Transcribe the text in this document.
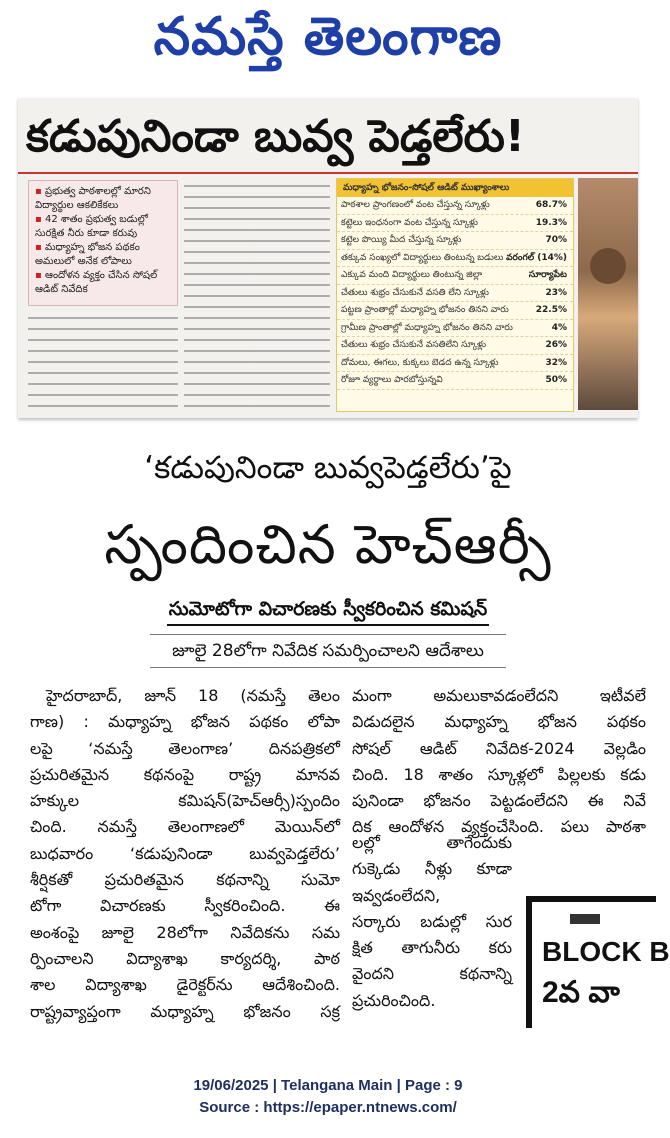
నమస్తే తెలంగాణ
కడుపునిండా బువ్వ పెడ్తలేరు!
▪ ప్రభుత్వ పాఠశాలల్లో మారని విద్యార్థుల ఆకలికేకలు
▪ 42 శాతం ప్రభుత్వ బడుల్లో సురక్షిత నీరు కూడా కరువు
▪ మధ్యాహ్న భోజన పథకం అమలులో అనేక లోపాలు
▪ ఆందోళన వ్యక్తం చేసిన సోషల్ ఆడిట్ నివేదిక
మధ్యాహ్న భోజనం-సోషల్ ఆడిట్ ముఖ్యాంశాలు
పాఠశాల ప్రాంగణంలో వంట చేస్తున్న స్కూళ్లు	68.7%
కట్టెలు ఇంధనంగా వంట చేస్తున్న స్కూళ్లు	19.3%
కట్టెల పొయ్యి మీద చేస్తున్న స్కూళ్లు	70%
తక్కువ సంఖ్యలో విద్యార్థులు తింటున్న బడులు వరంగల్ (14%)
ఎక్కువ మంది విద్యార్థులు తింటున్న జిల్లా	సూర్యాపేట
చేతులు శుభ్రం చేసుకునే వసతి లేని స్కూళ్లు	23%
పట్టణ ప్రాంతాల్లో మధ్యాహ్న భోజనం తినని వారు	22.5%
గ్రామీణ ప్రాంతాల్లో మధ్యాహ్న భోజనం తినని వారు	4%
చేతులు శుభ్రం చేసుకునే వసతిలేని స్కూళ్లు	26%
దోమలు, ఈగలు, కుక్కలు బెడద ఉన్న స్కూళ్లు	32%
రోజూ వ్యర్థాలు పారబోస్తున్నవి	50%
‘కడుపునిండా బువ్వపెడ్తలేరు’పై
స్పందించిన హెచ్‌ఆర్సీ
సుమోటోగా విచారణకు స్వీకరించిన కమిషన్
జూలై 28లోగా నివేదిక సమర్పించాలని ఆదేశాలు
హైదరాబాద్, జూన్ 18 (నమస్తే తెలం
గాణ) : మధ్యాహ్న భోజన పథకం లోపా
లపై ‘నమస్తే తెలంగాణ’ దినపత్రికలో
ప్రచురితమైన కథనంపై రాష్ట్ర మానవ
హక్కుల కమిషన్(హెచ్ఆర్సీ)స్పందిం
చింది. నమస్తే తెలంగాణలో మెయిన్‌లో
బుధవారం ‘కడుపునిండా బువ్వపెడ్తలేరు’
శీర్షికతో ప్రచురితమైన కథనాన్ని సుమో
టోగా విచారణకు స్వీకరించింది. ఈ
అంశంపై జూలై 28లోగా నివేదికను సమ
ర్పించాలని విద్యాశాఖ కార్యదర్శి, పాఠ
శాల విద్యాశాఖ డైరెక్టర్‌ను ఆదేశించింది.
రాష్ట్రవ్యాప్తంగా మధ్యాహ్న భోజనం సక్ర
మంగా అమలుకావడంలేదని ఇటీవలే
విడుదలైన మధ్యాహ్న భోజన పథకం
సోషల్ ఆడిట్ నివేదిక-2024 వెల్లడిం
చింది. 18 శాతం స్కూళ్లలో పిల్లలకు కడు
పునిండా భోజనం పెట్టడంలేదని ఈ నివే
దిక ఆందోళన వ్యక్తంచేసింది. పలు పాఠశా
లల్లో తాగేందుకు
గుక్కెడు నీళ్లు కూడా
ఇవ్వడంలేదని,
సర్కారు బడుల్లో సుర
క్షిత తాగునీరు కరు
వైందని కథనాన్ని
ప్రచురించింది.
BLOCK B
2వ వా
19/06/2025 | Telangana Main | Page : 9
Source : https://epaper.ntnews.com/
